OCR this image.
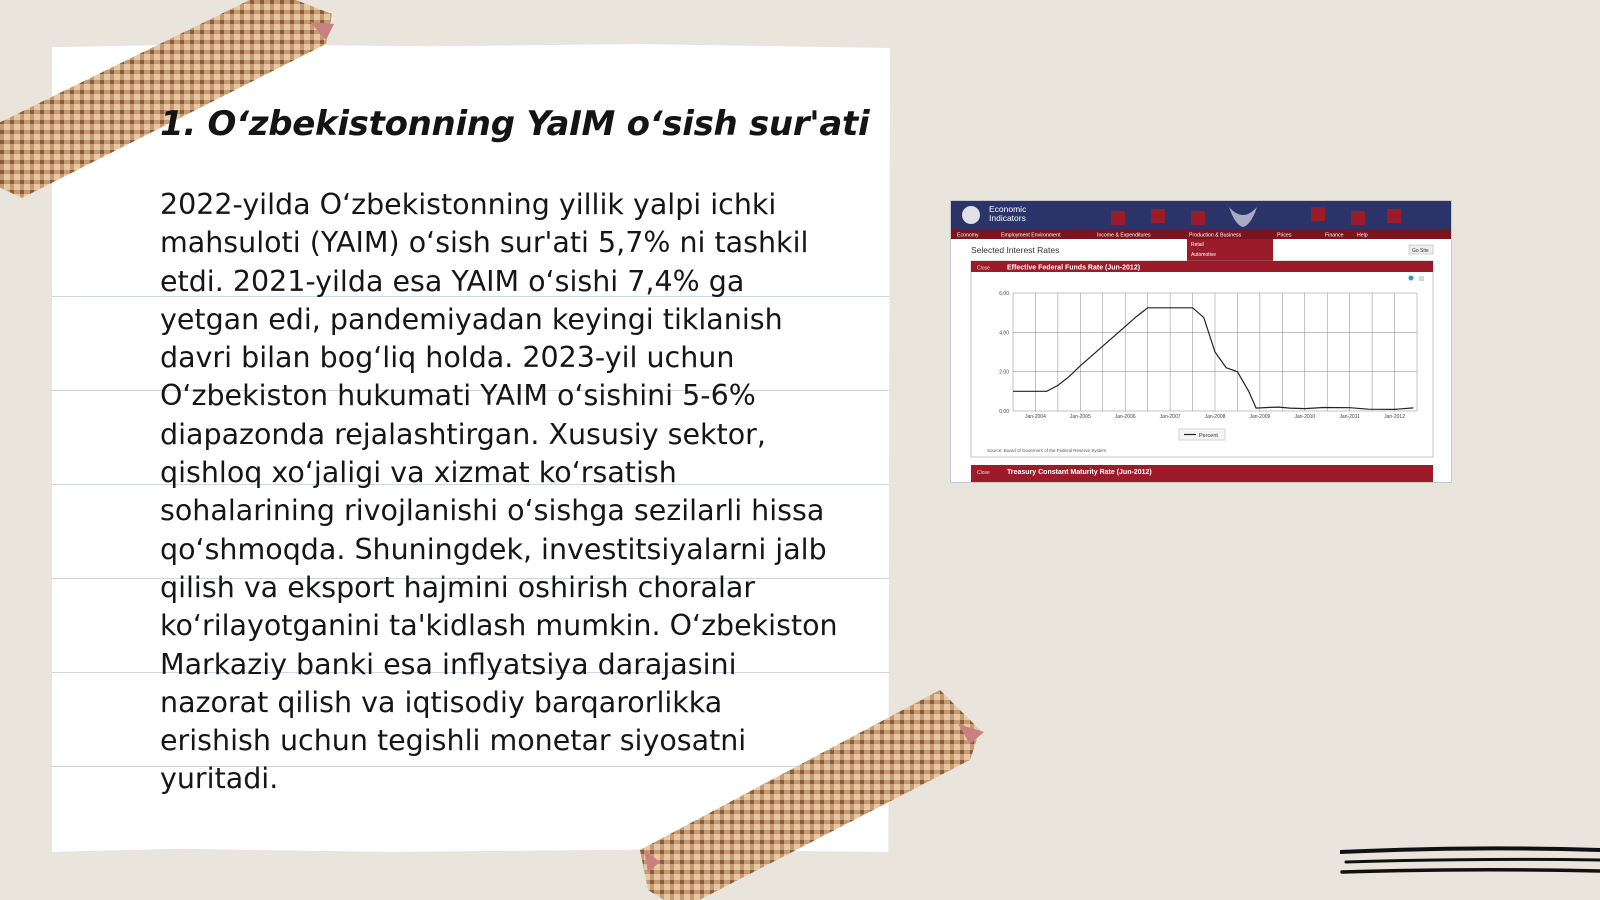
1. O‘zbekistonning YaIM o‘sish sur'ati

2022-yilda O‘zbekistonning yillik yalpi ichki mahsuloti (YAIM) o‘sish sur'ati 5,7% ni tashkil etdi. 2021-yilda esa YAIM o‘sishi 7,4% ga yetgan edi, pandemiyadan keyingi tiklanish davri bilan bog‘liq holda. 2023-yil uchun O‘zbekiston hukumati YAIM o‘sishini 5-6% diapazonda rejalashtirgan. Xususiy sektor, qishloq xo‘jaligi va xizmat ko‘rsatish sohalarining rivojlanishi o‘sishga sezilarli hissa qo‘shmoqda. Shuningdek, investitsiyalarni jalb qilish va eksport hajmini oshirish choralar ko‘rilayotganini ta'kidlash mumkin. O‘zbekiston Markaziy banki esa inflyatsiya darajasini nazorat qilish va iqtisodiy barqarorlikka erishish uchun tegishli monetar siyosatni yuritadi.

Economic
Indicators
Economy	Employment Environment	Income & Expenditures	Production & Business	Prices	Finance	Help
Retail
Automotive
Selected Interest Rates	Go Site
Close Effective Federal Funds Rate (Jun-2012)
6.00
4.00
2.00
0.00
Jan-2004	Jan-2005	Jan-2006	Jan-2007	Jan-2008	Jan-2009	Jan-2010	Jan-2011	Jan-2012
Percent
Source: Board of Governors of the Federal Reserve System
Close Treasury Constant Maturity Rate (Jun-2012)
